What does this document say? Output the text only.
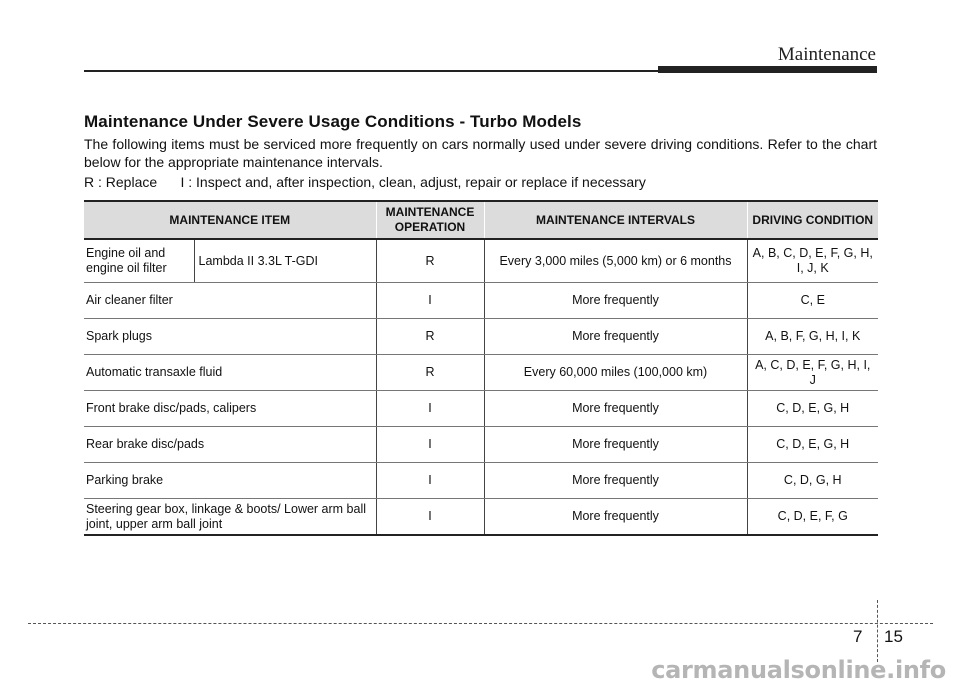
Maintenance
Maintenance Under Severe Usage Conditions - Turbo Models
The following items must be serviced more frequently on cars normally used under severe driving conditions. Refer to the chart below for the appropriate maintenance intervals.
R : Replace      I : Inspect and, after inspection, clean, adjust, repair or replace if necessary
MAINTENANCE ITEM		MAINTENANCE OPERATION	MAINTENANCE INTERVALS	DRIVING CONDITION
Engine oil and engine oil filter	Lambda II 3.3L T-GDI	R	Every 3,000 miles (5,000 km) or 6 months	A, B, C, D, E, F, G, H, I, J, K
Air cleaner filter		I	More frequently	C, E
Spark plugs		R	More frequently	A, B, F, G, H, I, K
Automatic transaxle fluid		R	Every 60,000 miles (100,000 km)	A, C, D, E, F, G, H, I, J
Front brake disc/pads, calipers		I	More frequently	C, D, E, G, H
Rear brake disc/pads		I	More frequently	C, D, E, G, H
Parking brake		I	More frequently	C, D, G, H
Steering gear box, linkage & boots/ Lower arm ball joint, upper arm ball joint		I	More frequently	C, D, E, F, G
7 15
carmanualsonline.info
